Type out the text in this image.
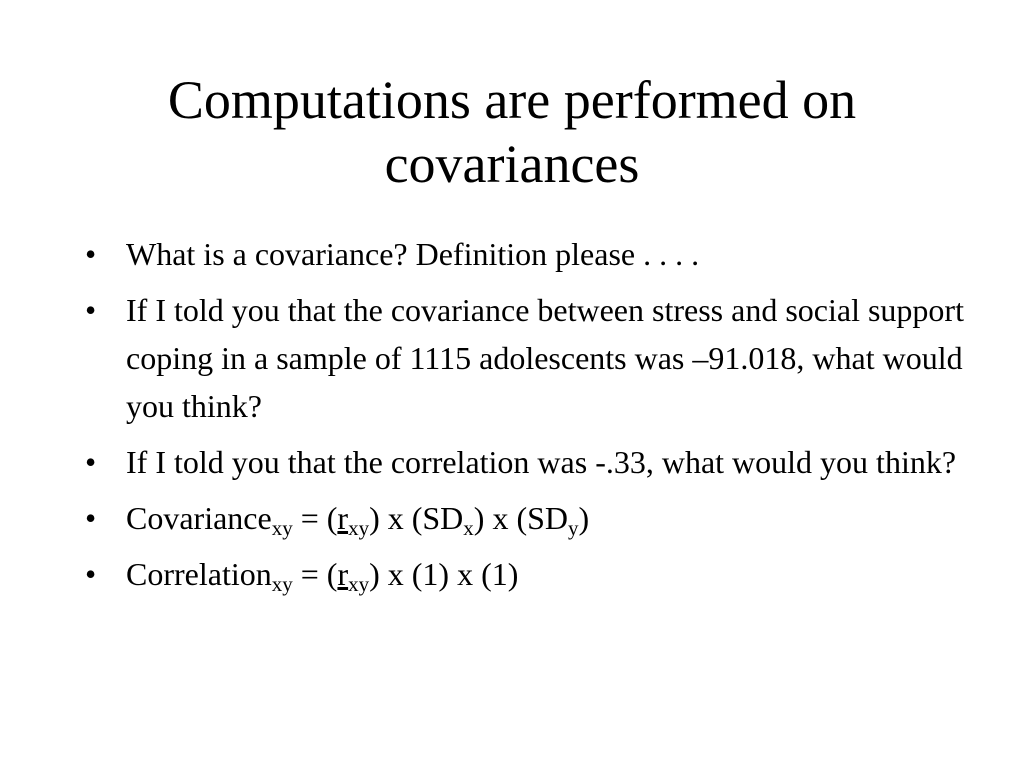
Computations are performed on
covariances
• What is a covariance? Definition please . . . .
• If I told you that the covariance between stress and social support coping in a sample of 1115 adolescents was –91.018, what would you think?
• If I told you that the correlation was -.33, what would you think?
• Covariance$_{xy}$ = $(r_{xy})$ x $(SD_x)$ x $(SD_y)$
• Correlation$_{xy}$ = $(r_{xy})$ x (1) x (1)
